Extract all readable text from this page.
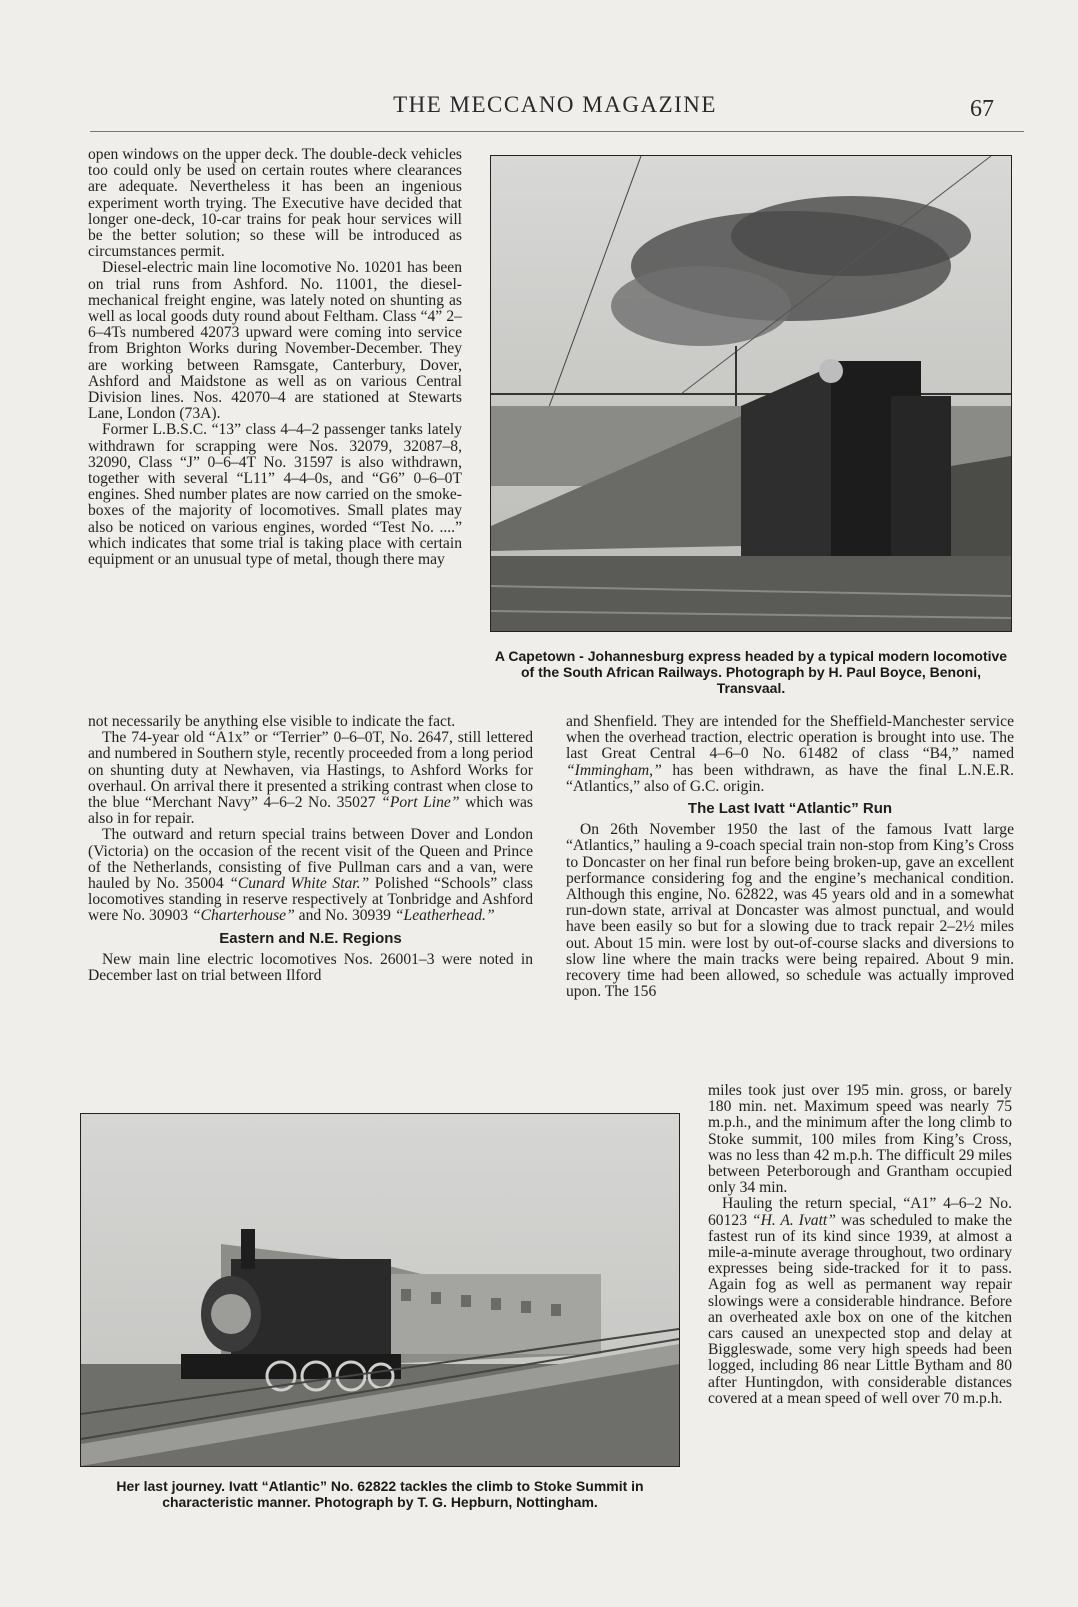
THE MECCANO MAGAZINE	67

open windows on the upper deck. The double-deck vehicles too could only be used on certain routes where clearances are adequate. Nevertheless it has been an ingenious experiment worth trying. The Executive have decided that longer one-deck, 10-car trains for peak hour services will be the better solution; so these will be introduced as circumstances permit.

Diesel-electric main line locomotive No. 10201 has been on trial runs from Ashford. No. 11001, the diesel-mechanical freight engine, was lately noted on shunting as well as local goods duty round about Feltham. Class “4” 2–6–4Ts numbered 42073 upward were coming into service from Brighton Works during November-December. They are working between Ramsgate, Canterbury, Dover, Ashford and Maidstone as well as on various Central Division lines. Nos. 42070–4 are stationed at Stewarts Lane, London (73A).

Former L.B.S.C. “13” class 4–4–2 passenger tanks lately withdrawn for scrapping were Nos. 32079, 32087–8, 32090, Class “J” 0–6–4T No. 31597 is also withdrawn, together with several “L11” 4–4–0s, and “G6” 0–6–0T engines. Shed number plates are now carried on the smoke-boxes of the majority of locomotives. Small plates may also be noticed on various engines, worded “Test No. ....” which indicates that some trial is taking place with certain equipment or an unusual type of metal, though there may

A Capetown - Johannesburg express headed by a typical modern locomotive of the South African Railways. Photograph by H. Paul Boyce, Benoni, Transvaal.

not necessarily be anything else visible to indicate the fact.

The 74-year old “A1x” or “Terrier” 0–6–0T, No. 2647, still lettered and numbered in Southern style, recently proceeded from a long period on shunting duty at Newhaven, via Hastings, to Ashford Works for overhaul. On arrival there it presented a striking contrast when close to the blue “Merchant Navy” 4–6–2 No. 35027 “Port Line” which was also in for repair.

The outward and return special trains between Dover and London (Victoria) on the occasion of the recent visit of the Queen and Prince of the Netherlands, consisting of five Pullman cars and a van, were hauled by No. 35004 “Cunard White Star.” Polished “Schools” class locomotives standing in reserve respectively at Tonbridge and Ashford were No. 30903 “Charterhouse” and No. 30939 “Leatherhead.”

Eastern and N.E. Regions

New main line electric locomotives Nos. 26001–3 were noted in December last on trial between Ilford

and Shenfield. They are intended for the Sheffield-Manchester service when the overhead traction, electric operation is brought into use. The last Great Central 4–6–0 No. 61482 of class “B4,” named “Immingham,” has been withdrawn, as have the final L.N.E.R. “Atlantics,” also of G.C. origin.

The Last Ivatt “Atlantic” Run

On 26th November 1950 the last of the famous Ivatt large “Atlantics,” hauling a 9-coach special train non-stop from King’s Cross to Doncaster on her final run before being broken-up, gave an excellent performance considering fog and the engine’s mechanical condition. Although this engine, No. 62822, was 45 years old and in a somewhat run-down state, arrival at Doncaster was almost punctual, and would have been easily so but for a slowing due to track repair 2–2½ miles out. About 15 min. were lost by out-of-course slacks and diversions to slow line where the main tracks were being repaired. About 9 min. recovery time had been allowed, so schedule was actually improved upon. The 156

Her last journey. Ivatt “Atlantic” No. 62822 tackles the climb to Stoke Summit in characteristic manner. Photograph by T. G. Hepburn, Nottingham.

miles took just over 195 min. gross, or barely 180 min. net. Maximum speed was nearly 75 m.p.h., and the minimum after the long climb to Stoke summit, 100 miles from King’s Cross, was no less than 42 m.p.h. The difficult 29 miles between Peterborough and Grantham occupied only 34 min.

Hauling the return special, “A1” 4–6–2 No. 60123 “H. A. Ivatt” was scheduled to make the fastest run of its kind since 1939, at almost a mile-a-minute average throughout, two ordinary expresses being side-tracked for it to pass. Again fog as well as permanent way repair slowings were a considerable hindrance. Before an overheated axle box on one of the kitchen cars caused an unexpected stop and delay at Biggleswade, some very high speeds had been logged, including 86 near Little Bytham and 80 after Huntingdon, with considerable distances covered at a mean speed of well over 70 m.p.h.
